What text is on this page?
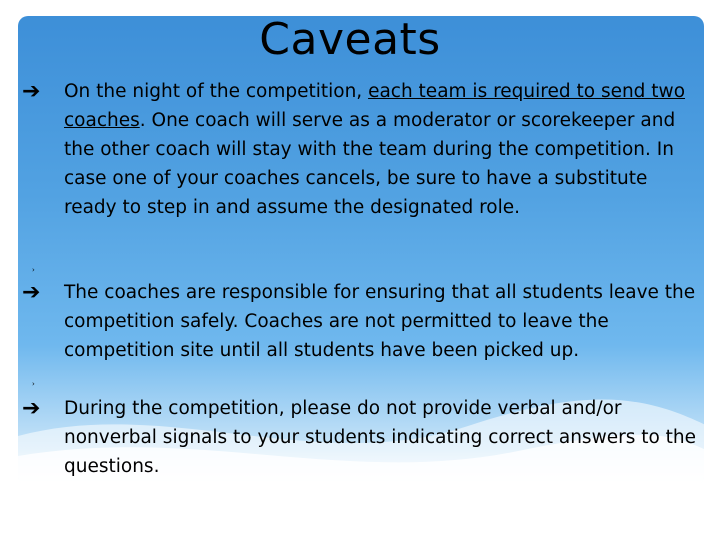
Caveats
➔	On the night of the competition, each team is required to send two coaches. One coach will serve as a moderator or scorekeeper and the other coach will stay with the team during the competition. In case one of your coaches cancels, be sure to have a substitute ready to step in and assume the designated role.
›
➔	The coaches are responsible for ensuring that all students leave the competition safely. Coaches are not permitted to leave the competition site until all students have been picked up.
›
➔	During the competition, please do not provide verbal and/or nonverbal signals to your students indicating correct answers to the questions.
